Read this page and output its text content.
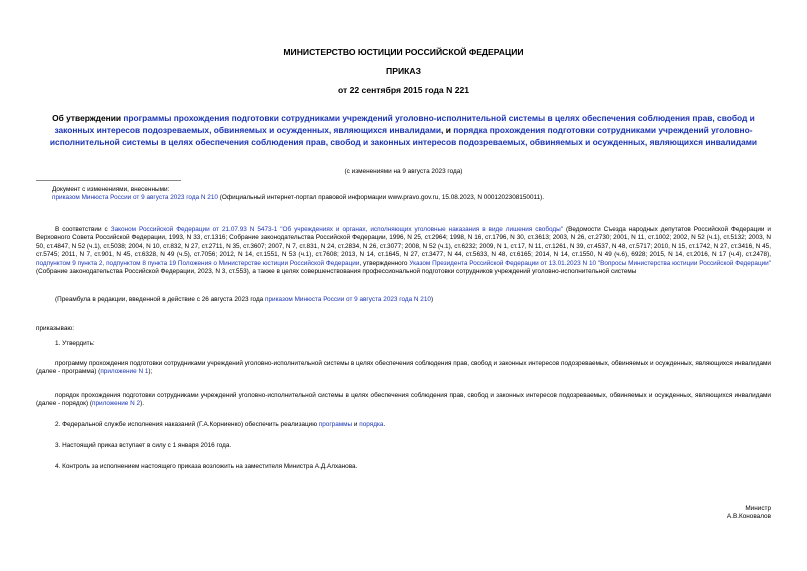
МИНИСТЕРСТВО ЮСТИЦИИ РОССИЙСКОЙ ФЕДЕРАЦИИ
ПРИКАЗ
от 22 сентября 2015 года N 221
Об утверждении программы прохождения подготовки сотрудниками учреждений уголовно-исполнительной системы в целях обеспечения соблюдения прав, свобод и законных интересов подозреваемых, обвиняемых и осужденных, являющихся инвалидами, и порядка прохождения подготовки сотрудниками учреждений уголовно-исполнительной системы в целях обеспечения соблюдения прав, свобод и законных интересов подозреваемых, обвиняемых и осужденных, являющихся инвалидами
(с изменениями на 9 августа 2023 года)
Документ с изменениями, внесенными:
приказом Минюста России от 9 августа 2023 года N 210 (Официальный интернет-портал правовой информации www.pravo.gov.ru, 15.08.2023, N 0001202308150011).
В соответствии с Законом Российской Федерации от 21.07.93 N 5473-1 "Об учреждениях и органах, исполняющих уголовные наказания в виде лишения свободы" (Ведомости Съезда народных депутатов Российской Федерации и Верховного Совета Российской Федерации, 1993, N 33, ст.1316; Собрание законодательства Российской Федерации, 1996, N 25, ст.2964; 1998, N 16, ст.1796, N 30, ст.3613; 2003, N 26, ст.2730; 2001, N 11, ст.1002; 2002, N 52 (ч.1), ст.5132; 2003, N 50, ст.4847, N 52 (ч.1), ст.5038; 2004, N 10, ст.832, N 27, ст.2711, N 35, ст.3607; 2007, N 7, ст.831, N 24, ст.2834, N 26, ст.3077; 2008, N 52 (ч.1), ст.6232; 2009, N 1, ст.17, N 11, ст.1261, N 39, ст.4537, N 48, ст.5717; 2010, N 15, ст.1742, N 27, ст.3416, N 45, ст.5745; 2011, N 7, ст.901, N 45, ст.6328, N 49 (ч.5), ст.7056; 2012, N 14, ст.1551, N 53 (ч.1), ст.7608; 2013, N 14, ст.1645, N 27, ст.3477, N 44, ст.5633, N 48, ст.6165; 2014, N 14, ст.1550, N 49 (ч.6), 6928; 2015, N 14, ст.2016, N 17 (ч.4), ст.2478), подпунктом 9 пункта 2, подпунктом 8 пункта 19 Положения о Министерстве юстиции Российской Федерации, утвержденного Указом Президента Российской Федерации от 13.01.2023 N 10 "Вопросы Министерства юстиции Российской Федерации"(Собрание законодательства Российской Федерации, 2023, N 3, ст.553), а также в целях совершенствования профессиональной подготовки сотрудников учреждений уголовно-исполнительной системы
(Преамбула в редакции, введенной в действие с 26 августа 2023 года приказом Минюста России от 9 августа 2023 года N 210)
приказываю:
1. Утвердить:
программу прохождения подготовки сотрудниками учреждений уголовно-исполнительной системы в целях обеспечения соблюдения прав, свобод и законных интересов подозреваемых, обвиняемых и осужденных, являющихся инвалидами (далее - программа) (приложение N 1);
порядок прохождения подготовки сотрудниками учреждений уголовно-исполнительной системы в целях обеспечения соблюдения прав, свобод и законных интересов подозреваемых, обвиняемых и осужденных, являющихся инвалидами (далее - порядок) (приложение N 2).
2. Федеральной службе исполнения наказаний (Г.А.Корниенко) обеспечить реализацию программы и порядка.
3. Настоящий приказ вступает в силу с 1 января 2016 года.
4. Контроль за исполнением настоящего приказа возложить на заместителя Министра А.Д.Алханова.
Министр
А.В.Коновалов
